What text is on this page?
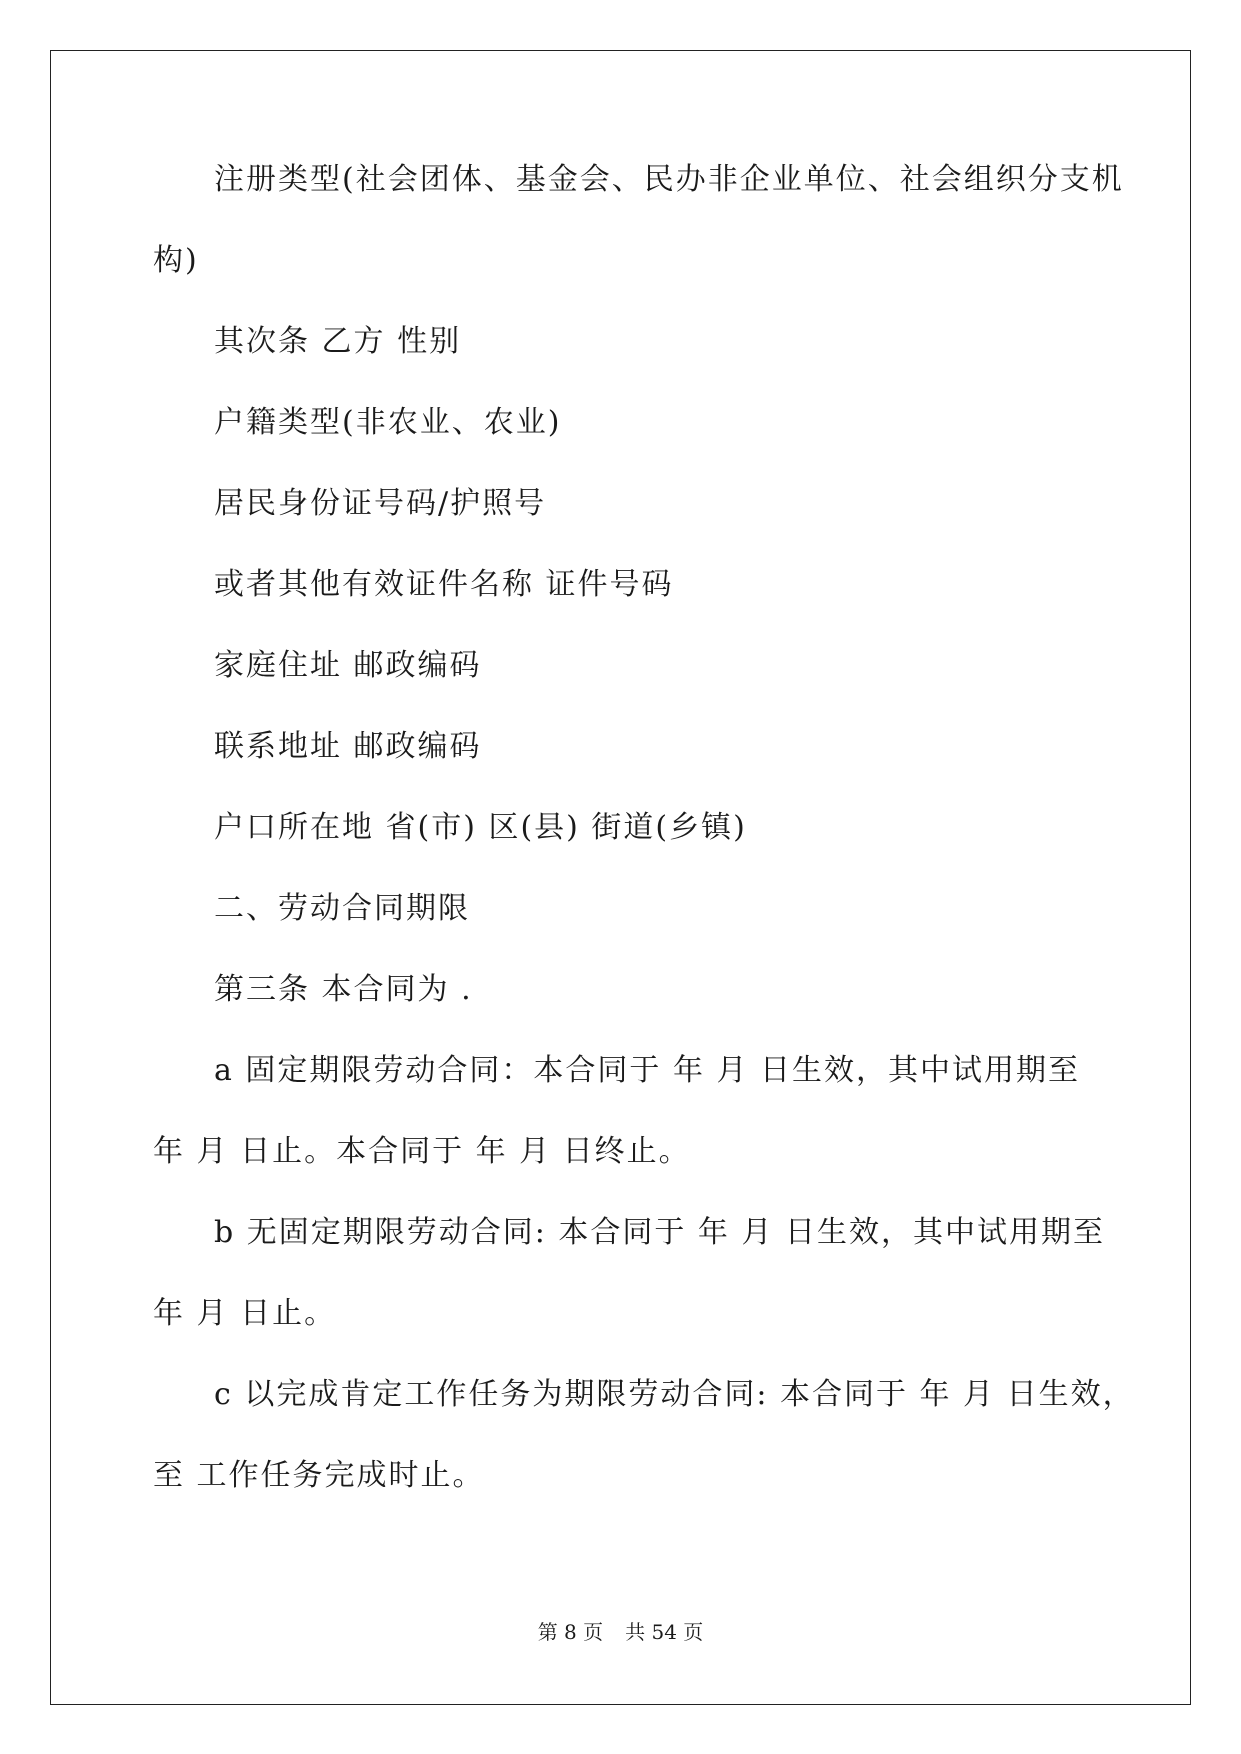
注册类型(社会团体、基金会、民办非企业单位、社会组织分支机

构)

其次条 乙方 性别

户籍类型(非农业、农业)

居民身份证号码/护照号

或者其他有效证件名称 证件号码

家庭住址 邮政编码

联系地址 邮政编码

户口所在地 省(市) 区(县) 街道(乡镇)

二、劳动合同期限

第三条 本合同为 .

a 固定期限劳动合同：本合同于 年 月 日生效，其中试用期至

年 月 日止。本合同于 年 月 日终止。

b 无固定期限劳动合同: 本合同于 年 月 日生效，其中试用期至

年 月 日止。

c 以完成肯定工作任务为期限劳动合同: 本合同于 年 月 日生效，

至 工作任务完成时止。

第 8 页 共 54 页
